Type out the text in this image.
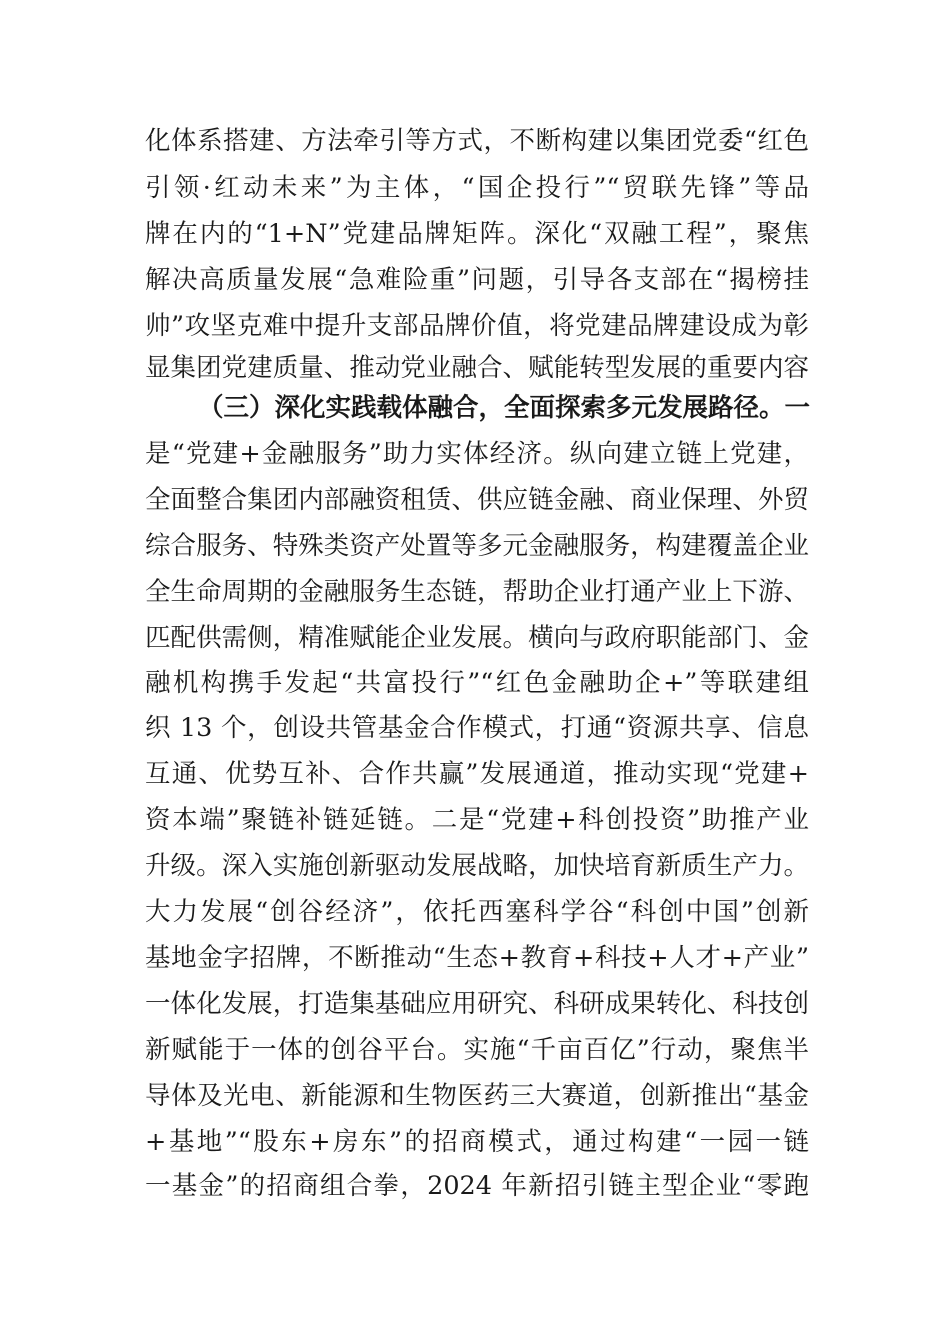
化体系搭建、方法牵引等方式，不断构建以集团党委“红色
引领·红动未来”为主体，“国企投行”“贸联先锋”等品
牌在内的“1+N”党建品牌矩阵。深化“双融工程”，聚焦
解决高质量发展“急难险重”问题，引导各支部在“揭榜挂
帅”攻坚克难中提升支部品牌价值，将党建品牌建设成为彰
显集团党建质量、推动党业融合、赋能转型发展的重要内容
（三）深化实践载体融合，全面探索多元发展路径。一
是“党建+金融服务”助力实体经济。纵向建立链上党建，
全面整合集团内部融资租赁、供应链金融、商业保理、外贸
综合服务、特殊类资产处置等多元金融服务，构建覆盖企业
全生命周期的金融服务生态链，帮助企业打通产业上下游、
匹配供需侧，精准赋能企业发展。横向与政府职能部门、金
融机构携手发起“共富投行”“红色金融助企+”等联建组
织 13 个，创设共管基金合作模式，打通“资源共享、信息
互通、优势互补、合作共赢”发展通道，推动实现“党建+
资本端”聚链补链延链。二是“党建+科创投资”助推产业
升级。深入实施创新驱动发展战略，加快培育新质生产力。
大力发展“创谷经济”，依托西塞科学谷“科创中国”创新
基地金字招牌，不断推动“生态+教育+科技+人才+产业”
一体化发展，打造集基础应用研究、科研成果转化、科技创
新赋能于一体的创谷平台。实施“千亩百亿”行动，聚焦半
导体及光电、新能源和生物医药三大赛道，创新推出“基金
+基地”“股东+房东”的招商模式，通过构建“一园一链
一基金”的招商组合拳，2024 年新招引链主型企业“零跑
